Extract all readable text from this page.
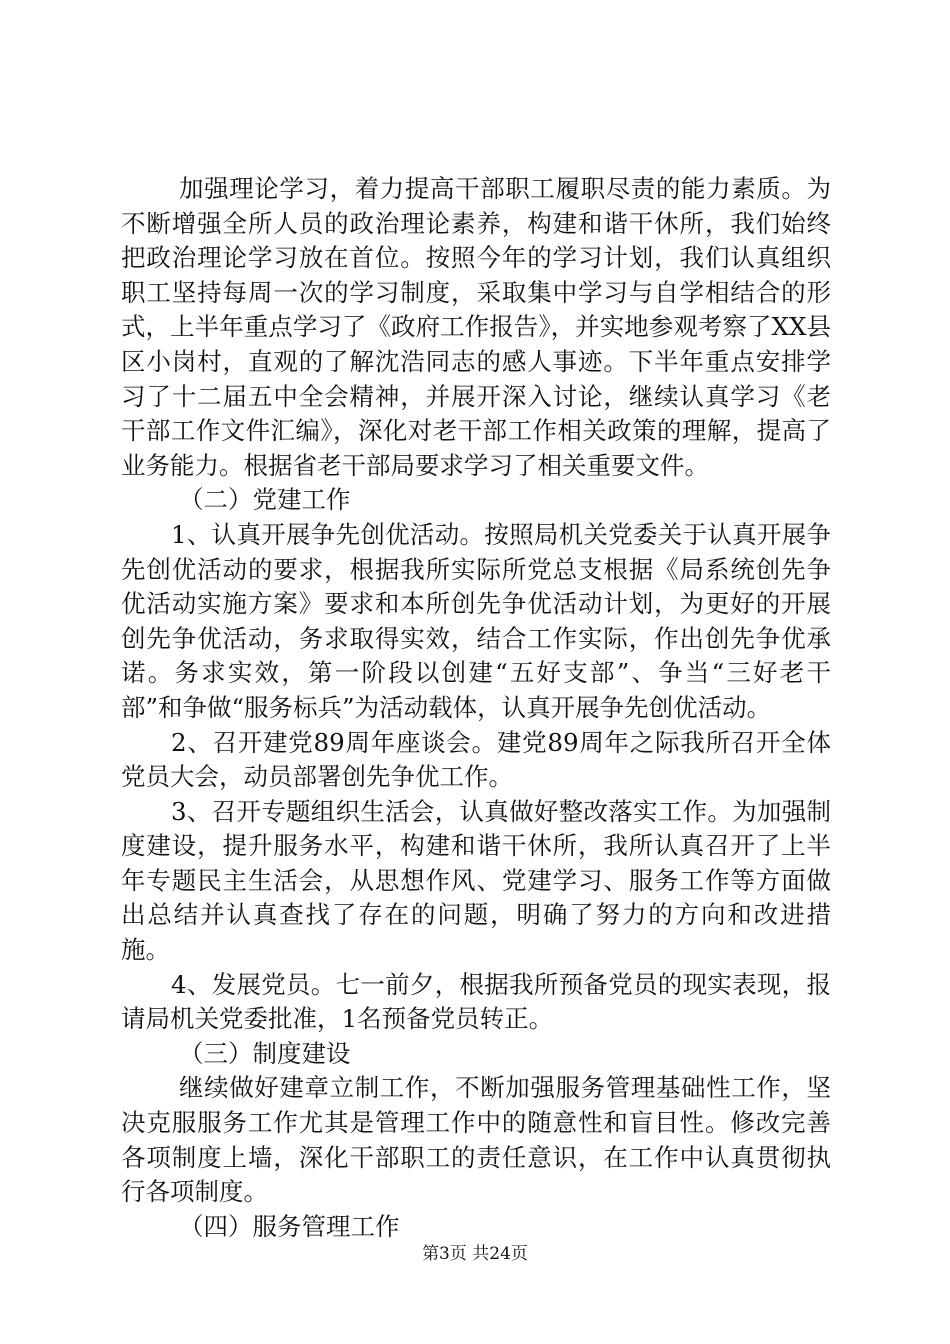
加强理论学习，着力提高干部职工履职尽责的能力素质。为不断增强全所人员的政治理论素养，构建和谐干休所，我们始终把政治理论学习放在首位。按照今年的学习计划，我们认真组织职工坚持每周一次的学习制度，采取集中学习与自学相结合的形式，上半年重点学习了《政府工作报告》，并实地参观考察了XX县区小岗村，直观的了解沈浩同志的感人事迹。下半年重点安排学习了十二届五中全会精神，并展开深入讨论，继续认真学习《老干部工作文件汇编》，深化对老干部工作相关政策的理解，提高了业务能力。根据省老干部局要求学习了相关重要文件。

（二）党建工作

1、认真开展争先创优活动。按照局机关党委关于认真开展争先创优活动的要求，根据我所实际所党总支根据《局系统创先争优活动实施方案》要求和本所创先争优活动计划，为更好的开展创先争优活动，务求取得实效，结合工作实际，作出创先争优承诺。务求实效，第一阶段以创建“五好支部”、争当“三好老干部”和争做“服务标兵”为活动载体，认真开展争先创优活动。

2、召开建党89周年座谈会。建党89周年之际我所召开全体党员大会，动员部署创先争优工作。

3、召开专题组织生活会，认真做好整改落实工作。为加强制度建设，提升服务水平，构建和谐干休所，我所认真召开了上半年专题民主生活会，从思想作风、党建学习、服务工作等方面做出总结并认真查找了存在的问题，明确了努力的方向和改进措施。

4、发展党员。七一前夕，根据我所预备党员的现实表现，报请局机关党委批准，1名预备党员转正。

（三）制度建设

继续做好建章立制工作，不断加强服务管理基础性工作，坚决克服服务工作尤其是管理工作中的随意性和盲目性。修改完善各项制度上墙，深化干部职工的责任意识，在工作中认真贯彻执行各项制度。

（四）服务管理工作

第3页 共24页
